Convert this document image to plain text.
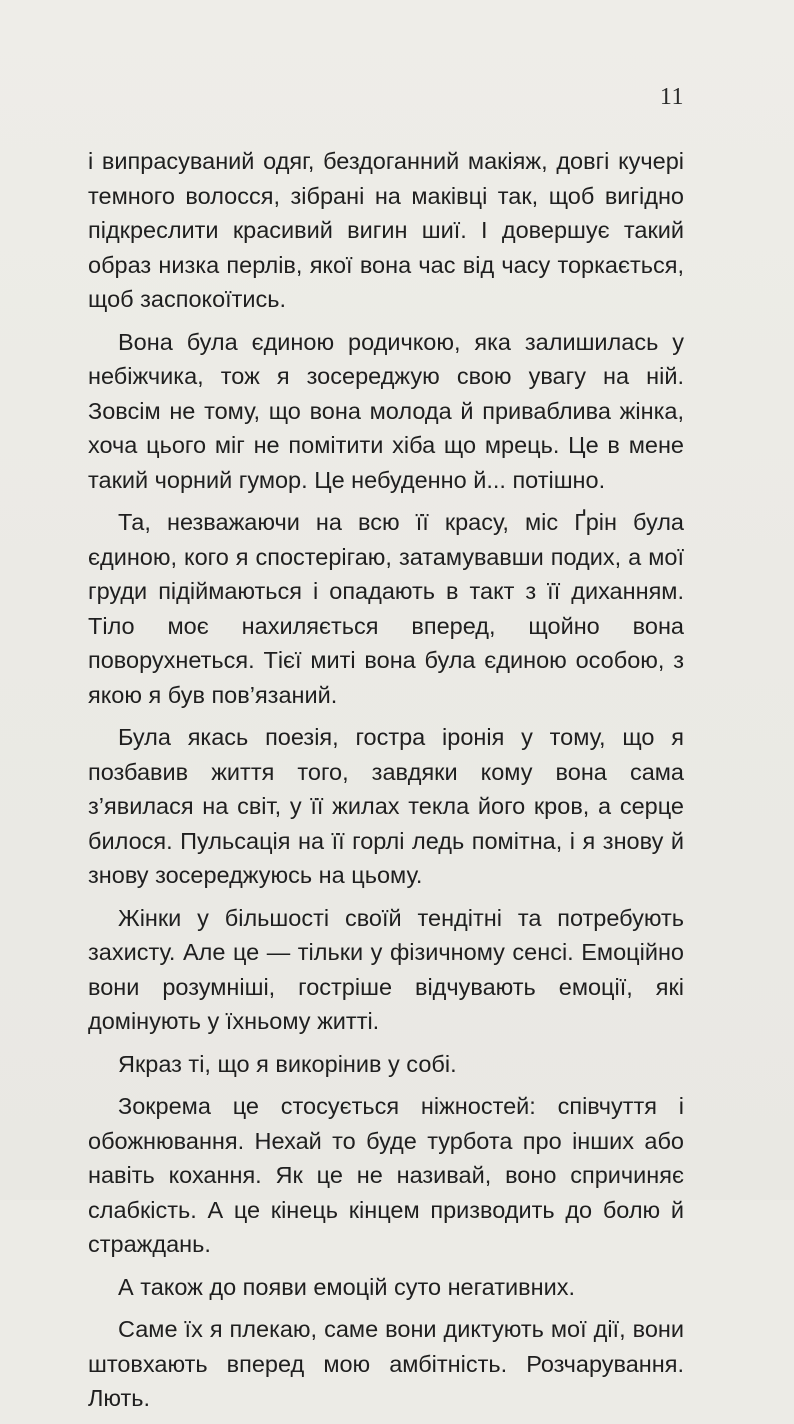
11

і випрасуваний одяг, бездоганний макіяж, довгі кучері темного волосся, зібрані на маківці так, щоб вигідно підкреслити красивий вигин шиї. І довершує такий образ низка перлів, якої вона час від часу торкається, щоб заспокоїтись.

Вона була єдиною родичкою, яка залишилась у небіжчика, тож я зосереджую свою увагу на ній. Зовсім не тому, що вона молода й приваблива жінка, хоча цього міг не помітити хіба що мрець. Це в мене такий чорний гумор. Це небуденно й... потішно.

Та, незважаючи на всю її красу, міс Ґрін була єдиною, кого я спостерігаю, затамувавши подих, а мої груди підіймаються і опадають в такт з її диханням. Тіло моє нахиляється вперед, щойно вона поворухнеться. Тієї миті вона була єдиною особою, з якою я був пов’язаний.

Була якась поезія, гостра іронія у тому, що я позбавив життя того, завдяки кому вона сама з’явилася на світ, у її жилах текла його кров, а серце билося. Пульсація на її горлі ледь помітна, і я знову й знову зосереджуюсь на цьому.

Жінки у більшості своїй тендітні та потребують захисту. Але це — тільки у фізичному сенсі. Емоційно вони розумніші, гостріше відчувають емоції, які домінують у їхньому житті.

Якраз ті, що я викорінив у собі.

Зокрема це стосується ніжностей: співчуття і обожнювання. Нехай то буде турбота про інших або навіть кохання. Як це не називай, воно спричиняє слабкість. А це кінець кінцем призводить до болю й страждань.

А також до появи емоцій суто негативних.

Саме їх я плекаю, саме вони диктують мої дії, вони штовхають вперед мою амбітність. Розчарування. Лють.
